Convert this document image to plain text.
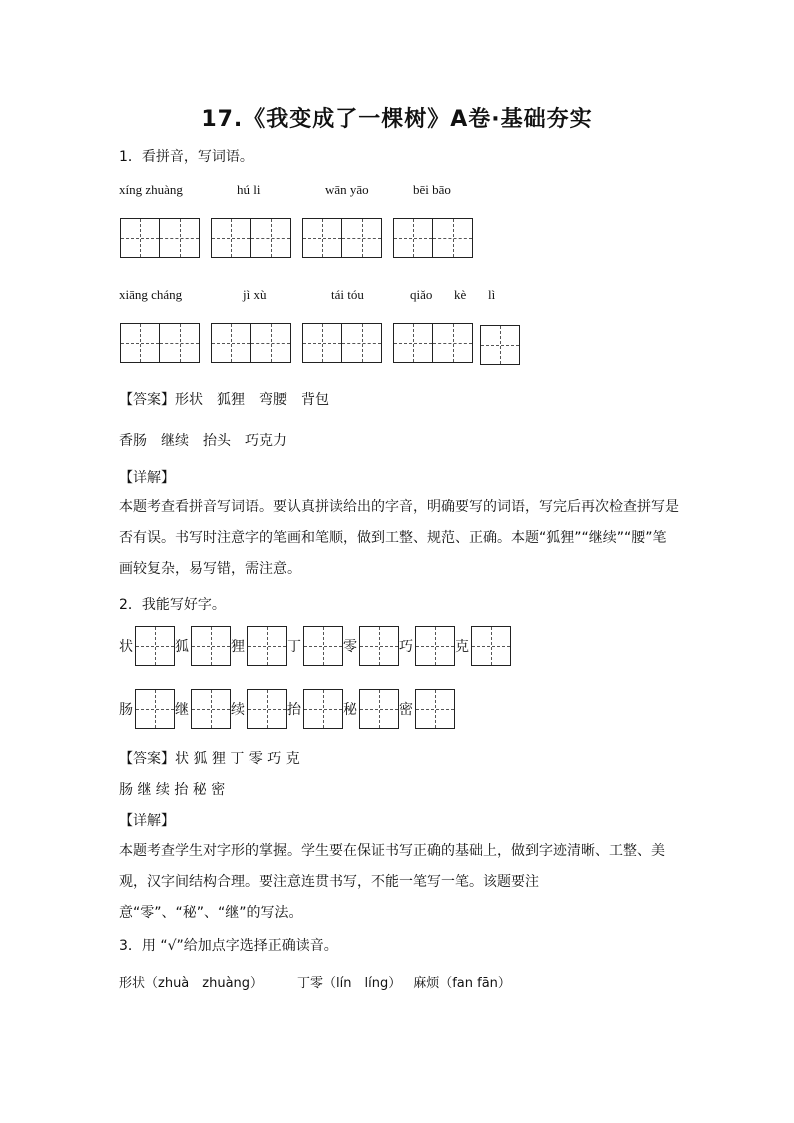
17.《我变成了一棵树》A卷·基础夯实
1．看拼音，写词语。
xíng zhuàng	hú li	wān yāo	bēi bāo
xiāng cháng	jì xù	tái tóu	qiǎo kè lì
【答案】形状 狐狸 弯腰 背包
香肠 继续 抬头 巧克力
【详解】
本题考查看拼音写词语。要认真拼读给出的字音，明确要写的词语，写完后再次检查拼写是否有误。书写时注意字的笔画和笔顺，做到工整、规范、正确。本题“狐狸”“继续”“腰”笔画较复杂，易写错，需注意。
2．我能写好字。
状	狐	狸	丁	零	巧	克
肠	继	续	抬	秘	密
【答案】状 狐 狸 丁 零 巧 克
肠 继 续 抬 秘 密
【详解】
本题考查学生对字形的掌握。学生要在保证书写正确的基础上，做到字迹清晰、工整、美观，汉字间结构合理。要注意连贯书写，不能一笔写一笔。该题要注意“零”、“秘”、“继”的写法。
3．用 “√”给加点字选择正确读音。
形状（zhuà　zhuàng）	丁零（lín　líng） 麻烦（fan fān）
